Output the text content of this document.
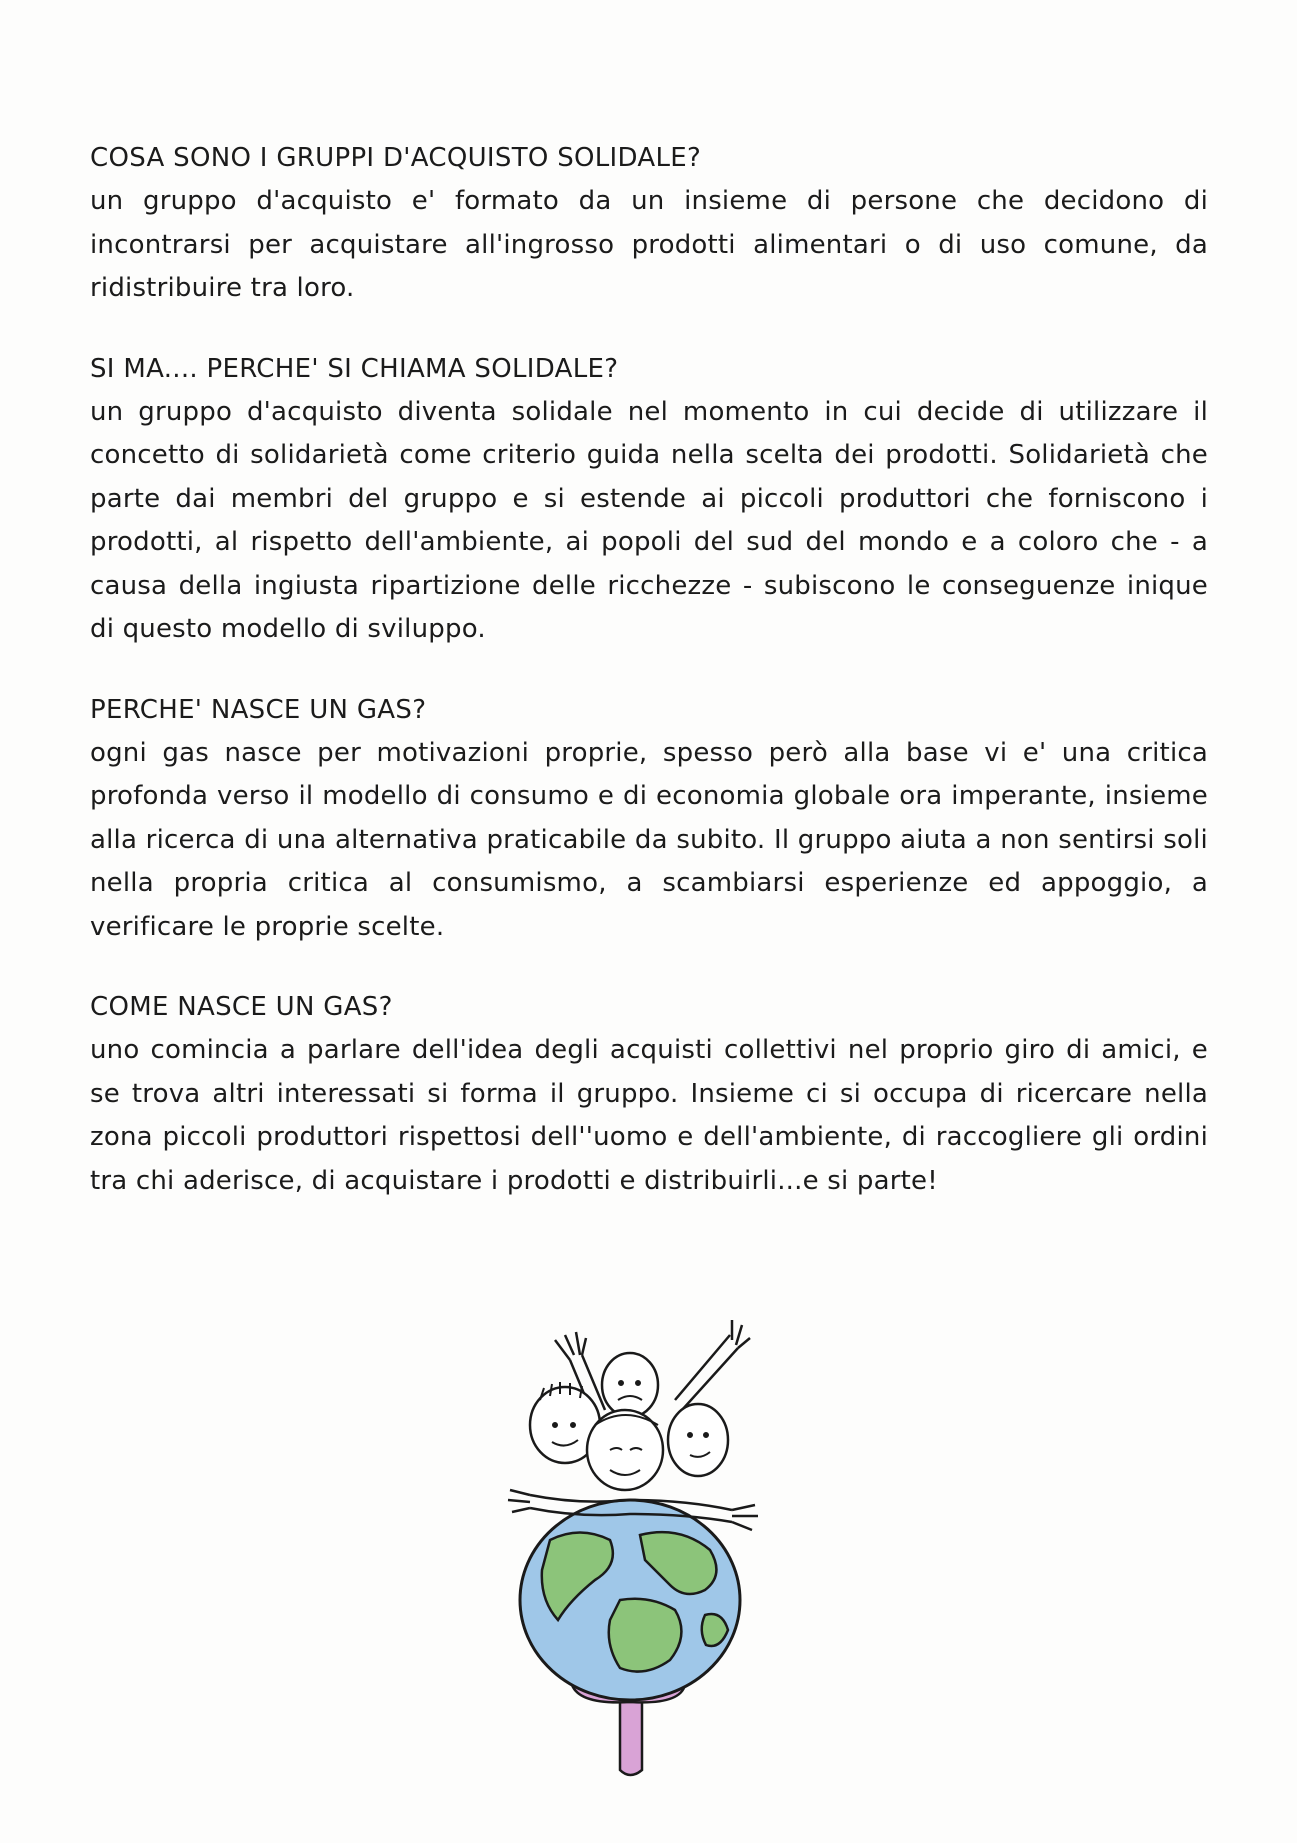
COSA SONO I GRUPPI D'ACQUISTO SOLIDALE?

un gruppo d'acquisto e' formato da un insieme di persone che decidono di incontrarsi per acquistare all'ingrosso prodotti alimentari o di uso comune, da ridistribuire tra loro.

SI MA.... PERCHE' SI CHIAMA SOLIDALE?

un gruppo d'acquisto diventa solidale nel momento in cui decide di utilizzare il concetto di solidarietà come criterio guida nella scelta dei prodotti. Solidarietà che parte dai membri del gruppo e si estende ai piccoli produttori che forniscono i prodotti, al rispetto dell'ambiente, ai popoli del sud del mondo e a coloro che - a causa della ingiusta ripartizione delle ricchezze - subiscono le conseguenze inique di questo modello di sviluppo.

PERCHE' NASCE UN GAS?

ogni gas nasce per motivazioni proprie, spesso però alla base vi e' una critica profonda verso il modello di consumo e di economia globale ora imperante, insieme alla ricerca di una alternativa praticabile da subito. Il gruppo aiuta a non sentirsi soli nella propria critica al consumismo, a scambiarsi esperienze ed appoggio, a verificare le proprie scelte.

COME NASCE UN GAS?

uno comincia a parlare dell'idea degli acquisti collettivi nel proprio giro di amici, e se trova altri interessati si forma il gruppo. Insieme ci si occupa di ricercare nella zona piccoli produttori rispettosi dell''uomo e dell'ambiente, di raccogliere gli ordini tra chi aderisce, di acquistare i prodotti e distribuirli...e si parte!
